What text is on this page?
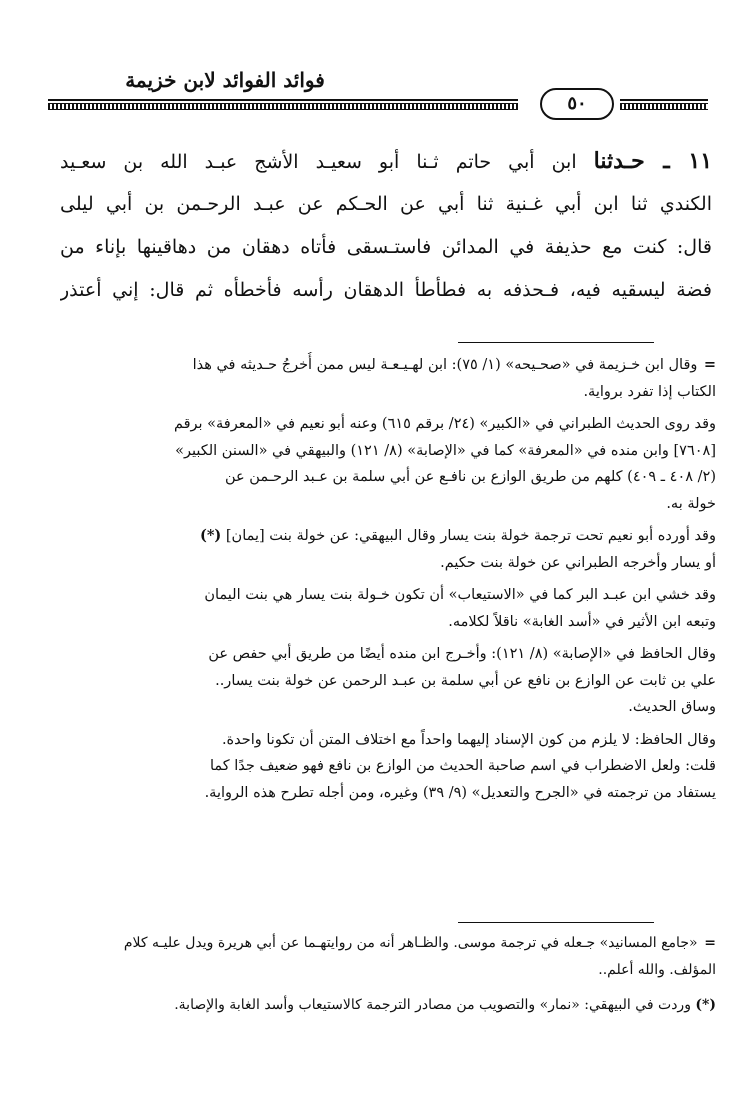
فوائد الفوائد لابن خزيمة
٥٠
١١ ـ حـدثنا ابن أبي حاتم ثـنا أبو سعيـد الأشج عبـد الله بن سعـيد
الكندي ثنا ابن أبي غـنية ثنا أبي عن الحـكم عن عبـد الرحـمن بن أبي ليلى
قال: كنت مع حذيفة في المدائن فاستـسقى فأتاه دهقان من دهاقينها بإناء من
فضة ليسقيه فيه، فـحذفه به فطأطأ الدهقان رأسه فأخطأه ثم قال: إني أعتذر
= وقال ابن خـزيمة في «صحـيحه» (١/ ٧٥): ابن لهـيـعـة ليس ممن أُخرجُ حـديثه في هذا
الكتاب إذا تفرد برواية.
وقد روى الحديث الطبراني في «الكبير» (٢٤/ برقم ٦١٥) وعنه أبو نعيم في «المعرفة» برقم
[٧٦٠٨] وابن منده في «المعرفة» كما في «الإصابة» (٨/ ١٢١) والبيهقي في «السنن الكبير»
(٢/ ٤٠٨ ـ ٤٠٩) كلهم من طريق الوازع بن نافـع عن أبي سلمة بن عـبد الرحـمن عن
خولة به.
وقد أورده أبو نعيم تحت ترجمة خولة بنت يسار وقال البيهقي: عن خولة بنت [يمان] (*)
أو يسار وأخرجه الطبراني عن خولة بنت حكيم.
وقد خشي ابن عبـد البر كما في «الاستيعاب» أن تكون خـولة بنت يسار هي بنت اليمان
وتبعه ابن الأثير في «أسد الغابة» ناقلاً لكلامه.
وقال الحافظ في «الإصابة» (٨/ ١٢١): وأخـرج ابن منده أيضًا من طريق أبي حفص عن
علي بن ثابت عن الوازع بن نافع عن أبي سلمة بن عبـد الرحمن عن خولة بنت يسار..
وساق الحديث.
وقال الحافظ: لا يلزم من كون الإسناد إليهما واحداً مع اختلاف المتن أن تكونا واحدة.
قلت: ولعل الاضطراب في اسم صاحبة الحديث من الوازع بن نافع فهو ضعيف جدًا كما
يستفاد من ترجمته في «الجرح والتعديل» (٩/ ٣٩) وغيره، ومن أجله تطرح هذه الرواية.
= «جامع المسانيد» جـعله في ترجمة موسى. والظـاهر أنه من روايتهـما عن أبي هريرة ويدل عليـه كلام
المؤلف. والله أعلم..
(*) وردت في البيهقي: «نمار» والتصويب من مصادر الترجمة كالاستيعاب وأسد الغابة والإصابة.
